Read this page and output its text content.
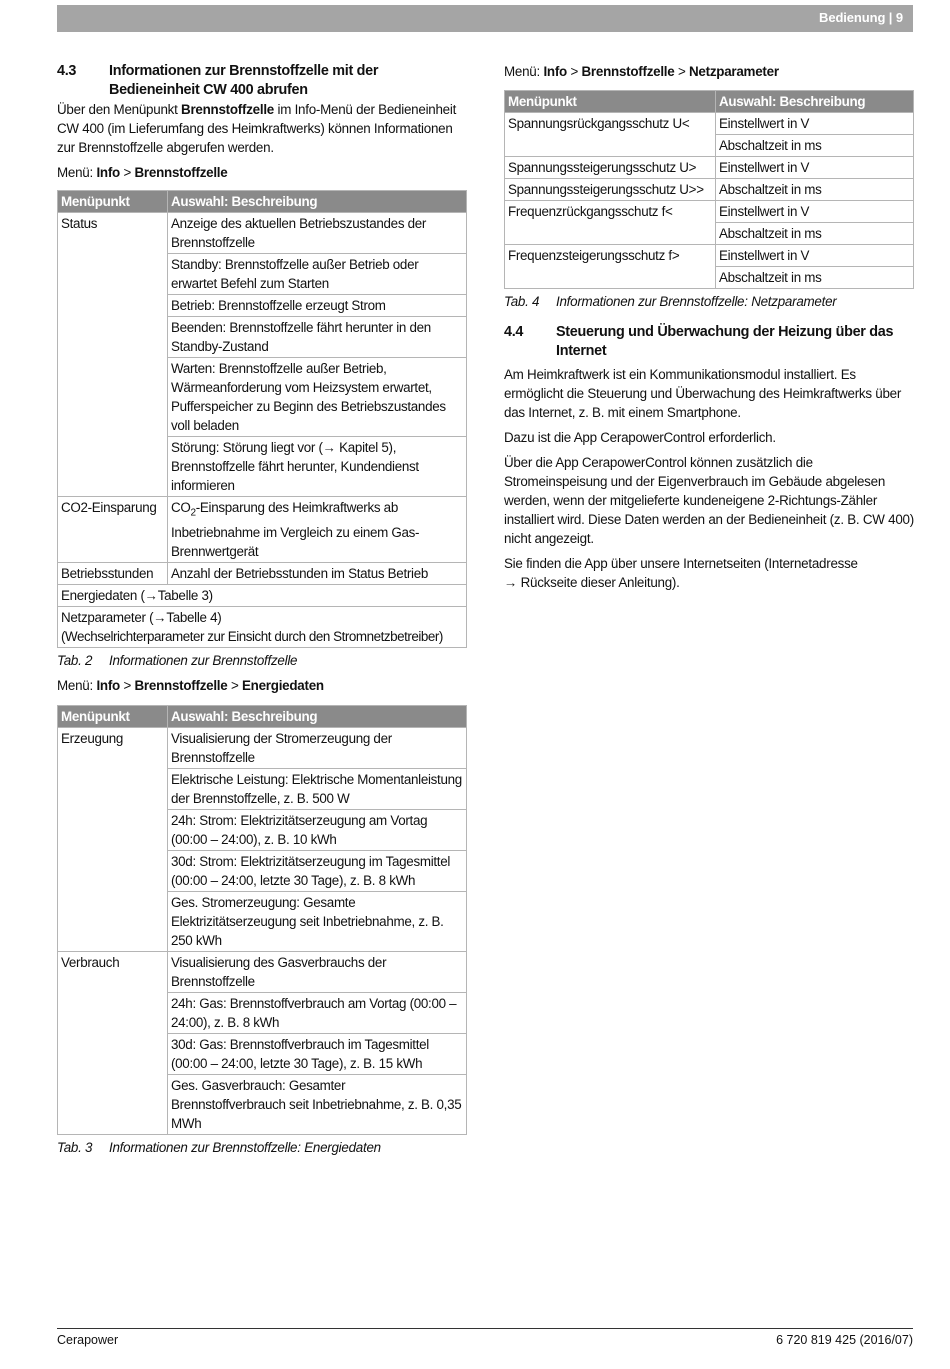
Bedienung | 9
4.3	Informationen zur Brennstoffzelle mit der Bedieneinheit CW 400 abrufen

Über den Menüpunkt Brennstoffzelle im Info-Menü der Bedieneinheit CW 400 (im Lieferumfang des Heimkraftwerks) können Informationen zur Brennstoffzelle abgerufen werden.

Menü: Info > Brennstoffzelle

Menüpunkt	Auswahl: Beschreibung
Status	Anzeige des aktuellen Betriebszustandes der Brennstoffzelle
	Standby: Brennstoffzelle außer Betrieb oder erwartet Befehl zum Starten
	Betrieb: Brennstoffzelle erzeugt Strom
	Beenden: Brennstoffzelle fährt herunter in den Standby-Zustand
	Warten: Brennstoffzelle außer Betrieb, Wärmeanforderung vom Heizsystem erwartet, Pufferspeicher zu Beginn des Betriebszustandes voll beladen
	Störung: Störung liegt vor (→ Kapitel 5), Brennstoffzelle fährt herunter, Kundendienst informieren
CO2-Einsparung	$CO_2$-Einsparung des Heimkraftwerks ab Inbetriebnahme im Vergleich zu einem Gas-Brennwertgerät
Betriebsstunden	Anzahl der Betriebsstunden im Status Betrieb
Energiedaten (→Tabelle 3)	

Netzparameter (→Tabelle 4)
(Wechselrichterparameter zur Einsicht durch den Stromnetzbetreiber)	
Tab. 2	Informationen zur Brennstoffzelle

Menü: Info > Brennstoffzelle > Energiedaten

Menüpunkt	Auswahl: Beschreibung
Erzeugung	Visualisierung der Stromerzeugung der Brennstoffzelle
	Elektrische Leistung: Elektrische Momentanleistung der Brennstoffzelle, z. B. 500 W
	24h: Strom: Elektrizitätserzeugung am Vortag (00:00 – 24:00), z. B. 10 kWh
	30d: Strom: Elektrizitätserzeugung im Tagesmittel (00:00 – 24:00, letzte 30 Tage), z. B. 8 kWh
	Ges. Stromerzeugung: Gesamte Elektrizitätserzeugung seit Inbetriebnahme, z. B. 250 kWh
Verbrauch	Visualisierung des Gasverbrauchs der Brennstoffzelle
	24h: Gas: Brennstoffverbrauch am Vortag (00:00 – 24:00), z. B. 8 kWh
	30d: Gas: Brennstoffverbrauch im Tagesmittel (00:00 – 24:00, letzte 30 Tage), z. B. 15 kWh
	Ges. Gasverbrauch: Gesamter Brennstoffverbrauch seit Inbetriebnahme, z. B. 0,35 MWh
Tab. 3	Informationen zur Brennstoffzelle: Energiedaten

Menü: Info > Brennstoffzelle > Netzparameter

Menüpunkt	Auswahl: Beschreibung
Spannungsrückgangsschutz U<	Einstellwert in V
	Abschaltzeit in ms
Spannungssteigerungsschutz U>	Einstellwert in V
Spannungssteigerungsschutz U>>	Abschaltzeit in ms
Frequenzrückgangsschutz f<	Einstellwert in V
	Abschaltzeit in ms
Frequenzsteigerungsschutz f>	Einstellwert in V
	Abschaltzeit in ms
Tab. 4	Informationen zur Brennstoffzelle: Netzparameter
4.4	Steuerung und Überwachung der Heizung über das Internet

Am Heimkraftwerk ist ein Kommunikationsmodul installiert. Es ermöglicht die Steuerung und Überwachung des Heimkraftwerks über das Internet, z. B. mit einem Smartphone.

Dazu ist die App CerapowerControl erforderlich.

Über die App CerapowerControl können zusätzlich die Stromeinspeisung und der Eigenverbrauch im Gebäude abgelesen werden, wenn der mitgelieferte kundeneigene 2-Richtungs-Zähler installiert wird. Diese Daten werden an der Bedieneinheit (z. B. CW 400) nicht angezeigt.

Sie finden die App über unsere Internetseiten (Internetadresse
→ Rückseite dieser Anleitung).

Cerapower	6 720 819 425 (2016/07)
